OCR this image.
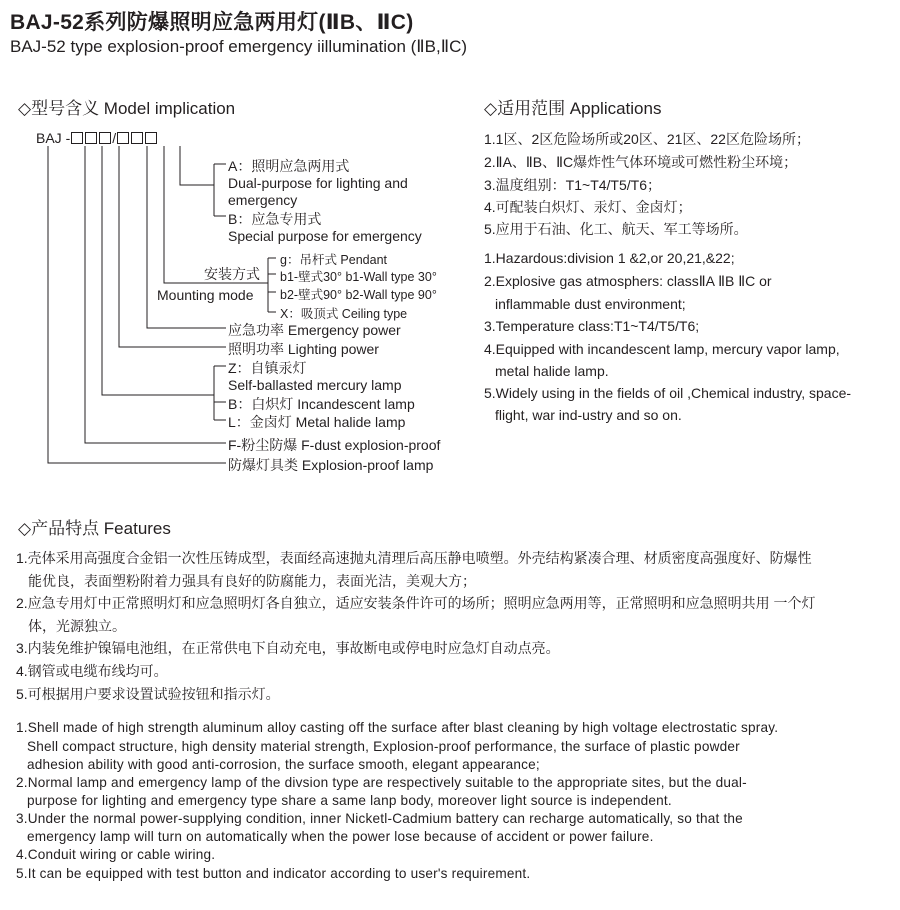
BAJ-52系列防爆照明应急两用灯(ⅡB、ⅡC)
BAJ-52 type explosion-proof emergency iillumination (ⅡB,ⅡC)
◇型号含义 Model implication
BAJ -	/
A：照明应急两用式
Dual-purpose for lighting and
emergency
B：应急专用式
Special purpose for emergency
g：吊杆式 Pendant
安装方式 b1-壁式30° b1-Wall type 30°
Mounting mode b2-壁式90° b2-Wall type 90°
X：吸顶式 Ceiling type
应急功率 Emergency power
照明功率 Lighting power
Z：自镇汞灯
Self-ballasted mercury lamp
B：白炽灯 Incandescent lamp
L：金卤灯 Metal halide lamp
F-粉尘防爆 F-dust explosion-proof
防爆灯具类 Explosion-proof lamp
◇适用范围 Applications
1.1区、2区危险场所或20区、21区、22区危险场所；
2.ⅡA、ⅡB、ⅡC爆炸性气体环境或可燃性粉尘环境；
3.温度组别：T1~T4/T5/T6；
4.可配装白炽灯、汞灯、金卤灯；
5.应用于石油、化工、航天、军工等场所。
1.Hazardous:division 1 &2,or 20,21,&22;
2.Explosive gas atmosphers: classⅡA ⅡB ⅡC or
inflammable dust environment;
3.Temperature class:T1~T4/T5/T6;
4.Equipped with incandescent lamp, mercury vapor lamp,
metal halide lamp.
5.Widely using in the fields of oil ,Chemical industry, space-
flight, war ind-ustry and so on.
◇产品特点 Features
1.壳体采用高强度合金铝一次性压铸成型，表面经高速抛丸清理后高压静电喷塑。外壳结构紧凑合理、材质密度高强度好、防爆性
能优良，表面塑粉附着力强具有良好的防腐能力，表面光洁，美观大方；
2.应急专用灯中正常照明灯和应急照明灯各自独立，适应安装条件许可的场所；照明应急两用等，正常照明和应急照明共用 一个灯
体，光源独立。
3.内装免维护镍镉电池组，在正常供电下自动充电，事故断电或停电时应急灯自动点亮。
4.钢管或电缆布线均可。
5.可根据用户要求设置试验按钮和指示灯。
1.Shell made of high strength aluminum alloy casting off the surface after blast cleaning by high voltage electrostatic spray.
Shell compact structure, high density material strength, Explosion-proof performance, the surface of plastic powder
adhesion ability with good anti-corrosion, the surface smooth, elegant appearance;
2.Normal lamp and emergency lamp of the divsion type are respectively suitable to the appropriate sites, but the dual-
purpose for lighting and emergency type share a same lanp body, moreover light source is independent.
3.Under the normal power-supplying condition, inner Nicketl-Cadmium battery can recharge automatically, so that the
emergency lamp will turn on automatically when the power lose because of accident or power failure.
4.Conduit wiring or cable wiring.
5.It can be equipped with test button and indicator according to user's requirement.
